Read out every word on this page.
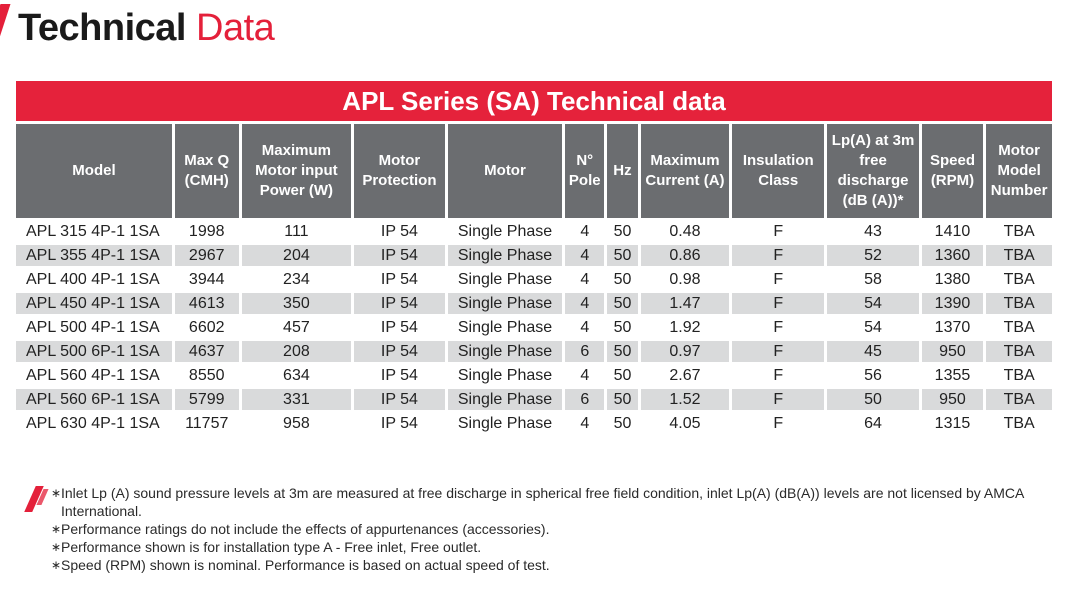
Technical Data
APL Series (SA) Technical data
Model	Max Q (CMH)	Maximum Motor input Power (W)	Motor Protection	Motor	N° Pole	Hz	Maximum Current (A)	Insulation Class	Lp(A) at 3m free discharge (dB (A))*	Speed (RPM)	Motor Model Number
APL 315 4P-1 1SA	1998	111	IP 54	Single Phase	4	50	0.48	F	43	1410	TBA
APL 355 4P-1 1SA	2967	204	IP 54	Single Phase	4	50	0.86	F	52	1360	TBA
APL 400 4P-1 1SA	3944	234	IP 54	Single Phase	4	50	0.98	F	58	1380	TBA
APL 450 4P-1 1SA	4613	350	IP 54	Single Phase	4	50	1.47	F	54	1390	TBA
APL 500 4P-1 1SA	6602	457	IP 54	Single Phase	4	50	1.92	F	54	1370	TBA
APL 500 6P-1 1SA	4637	208	IP 54	Single Phase	6	50	0.97	F	45	950	TBA
APL 560 4P-1 1SA	8550	634	IP 54	Single Phase	4	50	2.67	F	56	1355	TBA
APL 560 6P-1 1SA	5799	331	IP 54	Single Phase	6	50	1.52	F	50	950	TBA
APL 630 4P-1 1SA	11757	958	IP 54	Single Phase	4	50	4.05	F	64	1315	TBA
∗ Inlet Lp (A) sound pressure levels at 3m are measured at free discharge in spherical free field condition, inlet Lp(A) (dB(A)) levels are not licensed by AMCA International.
∗ Performance ratings do not include the effects of appurtenances (accessories).
∗ Performance shown is for installation type A - Free inlet, Free outlet.
∗ Speed (RPM) shown is nominal. Performance is based on actual speed of test.
